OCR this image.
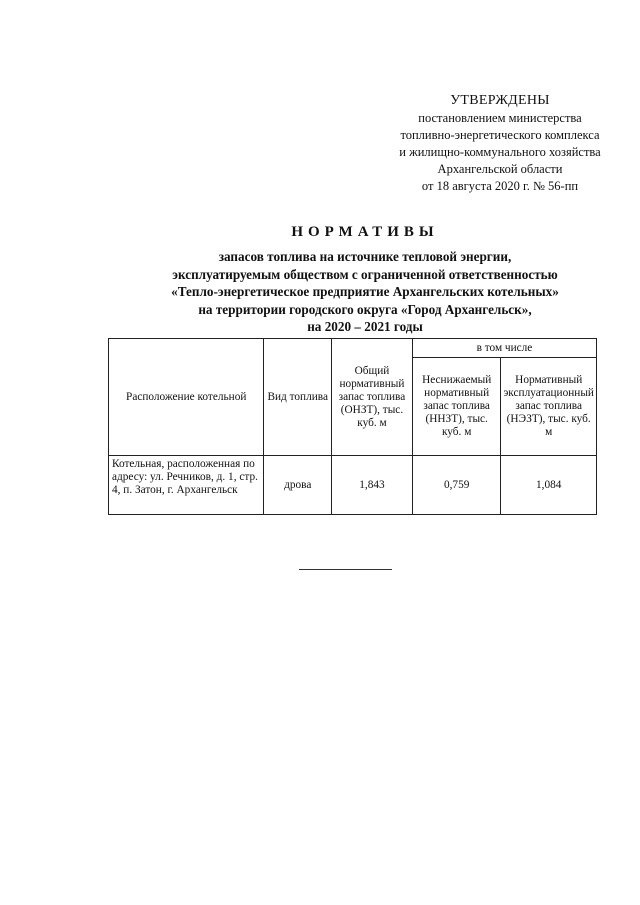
УТВЕРЖДЕНЫ
постановлением министерства
топливно-энергетического комплекса
и жилищно-коммунального хозяйства
Архангельской области
от 18 августа 2020 г. № 56-пп
НОРМАТИВЫ
запасов топлива на источнике тепловой энергии,
эксплуатируемым обществом с ограниченной ответственностью
«Тепло-энергетическое предприятие Архангельских котельных»
на территории городского округа «Город Архангельск»,
на 2020 – 2021 годы
Расположение котельной	Вид топлива	Общий нормативный запас топлива (ОНЗТ), тыс. куб. м	в том числе	
			Неснижаемый нормативный запас топлива (ННЗТ), тыс. куб. м	Нормативный эксплуатационный запас топлива (НЭЗТ), тыс. куб. м
Котельная, расположенная по адресу: ул. Речников, д. 1, стр. 4, п. Затон, г. Архангельск	дрова	1,843	0,759	1,084
